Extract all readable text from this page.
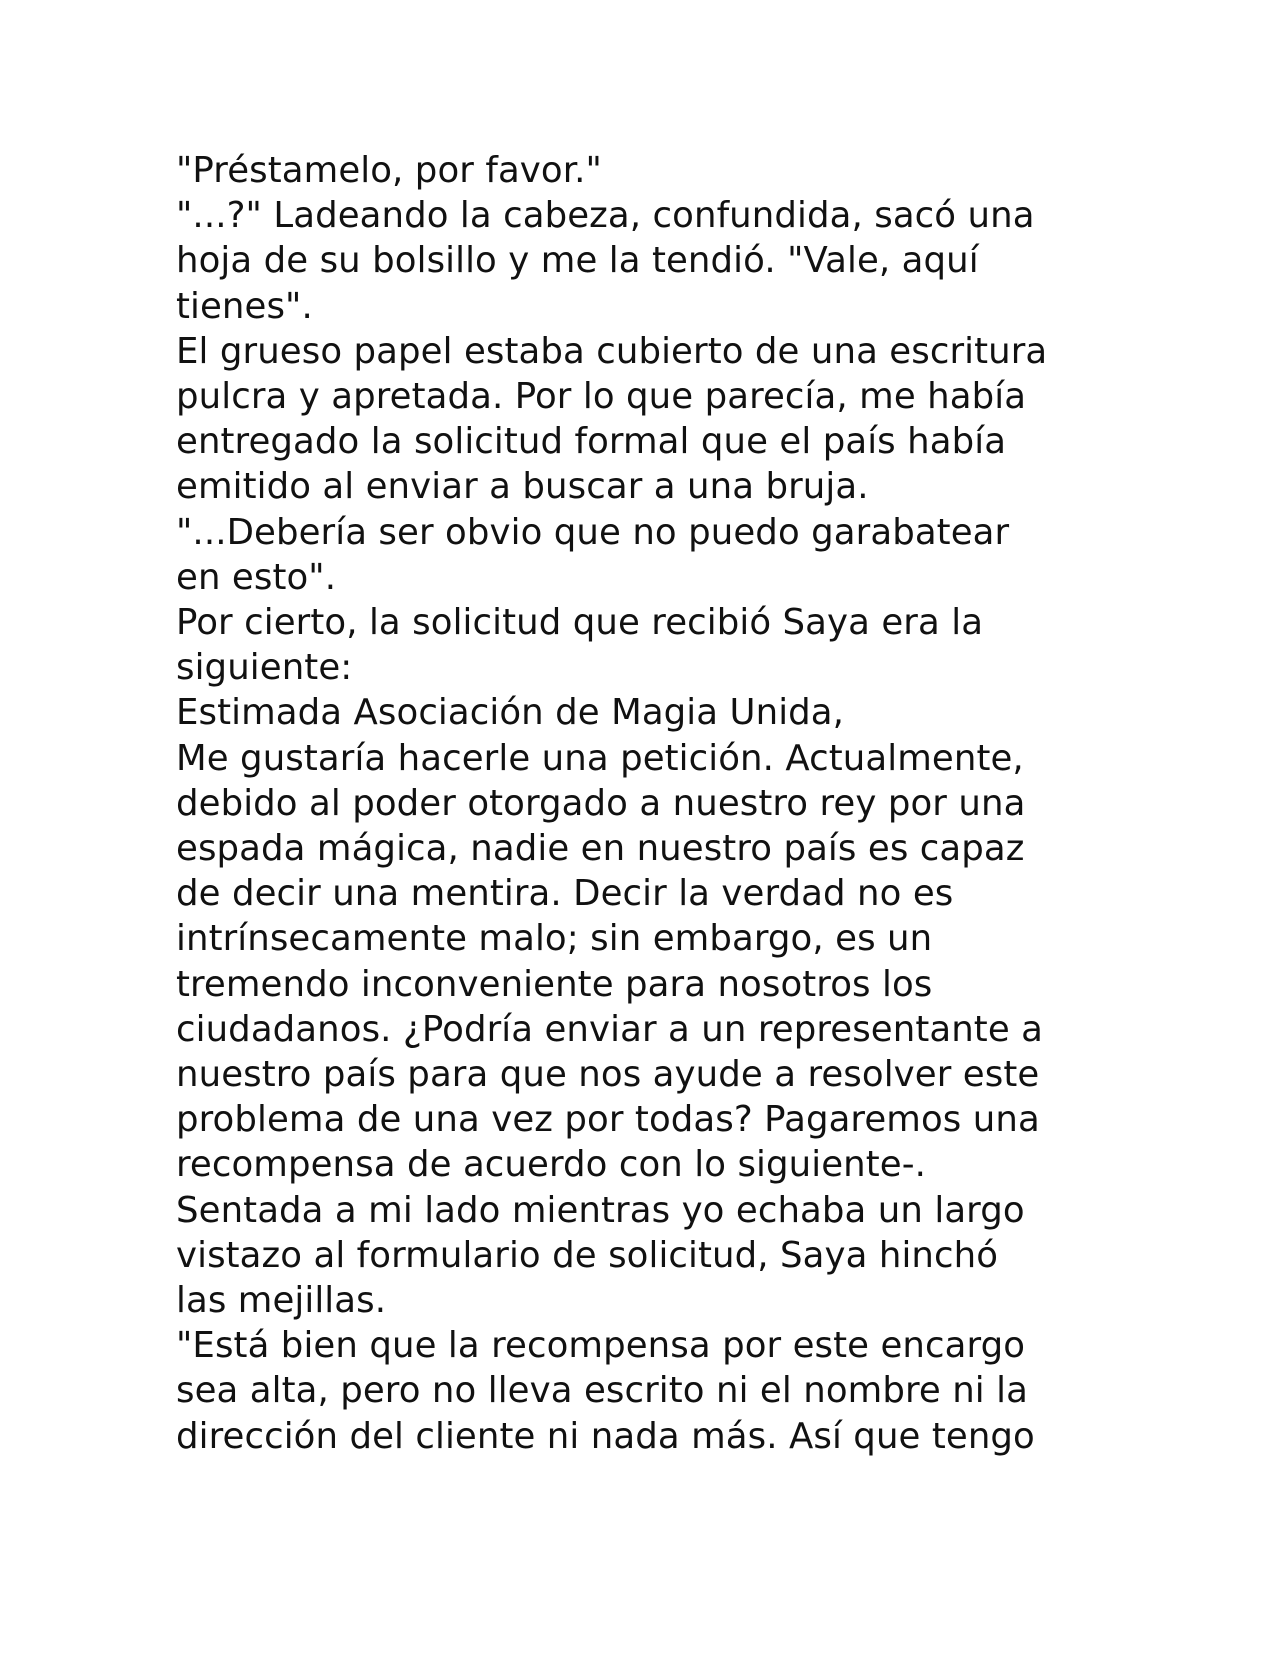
"Préstamelo, por favor."
"...?" Ladeando la cabeza, confundida, sacó una
hoja de su bolsillo y me la tendió. "Vale, aquí
tienes".
El grueso papel estaba cubierto de una escritura
pulcra y apretada. Por lo que parecía, me había
entregado la solicitud formal que el país había
emitido al enviar a buscar a una bruja.
"...Debería ser obvio que no puedo garabatear
en esto".
Por cierto, la solicitud que recibió Saya era la
siguiente:
Estimada Asociación de Magia Unida,
Me gustaría hacerle una petición. Actualmente,
debido al poder otorgado a nuestro rey por una
espada mágica, nadie en nuestro país es capaz
de decir una mentira. Decir la verdad no es
intrínsecamente malo; sin embargo, es un
tremendo inconveniente para nosotros los
ciudadanos. ¿Podría enviar a un representante a
nuestro país para que nos ayude a resolver este
problema de una vez por todas? Pagaremos una
recompensa de acuerdo con lo siguiente-.
Sentada a mi lado mientras yo echaba un largo
vistazo al formulario de solicitud, Saya hinchó
las mejillas.
"Está bien que la recompensa por este encargo
sea alta, pero no lleva escrito ni el nombre ni la
dirección del cliente ni nada más. Así que tengo
